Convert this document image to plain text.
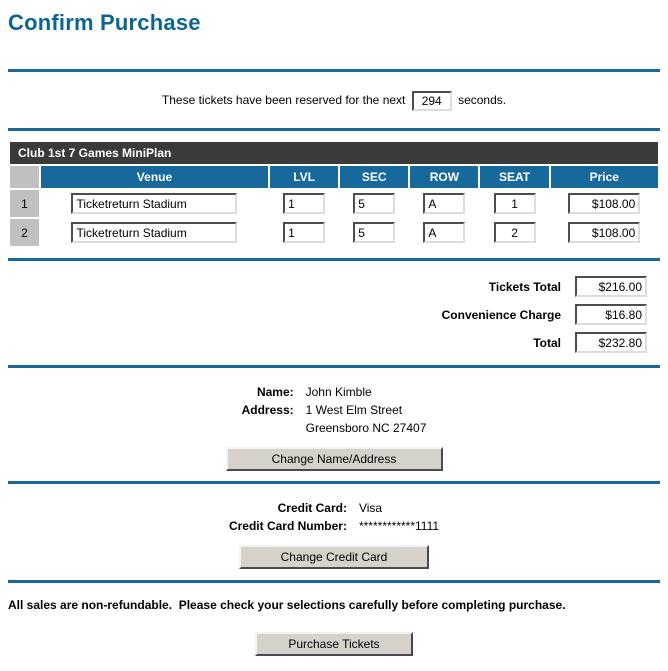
Confirm Purchase
These tickets have been reserved for the next 294	seconds.
Club 1st 7 Games MiniPlan						
	Venue	LVL	SEC	ROW	SEAT	Price
1	Ticketreturn Stadium	1	5	A	1	$108.00
2	Ticketreturn Stadium	1	5	A	2	$108.00
Tickets Total
$216.00
Convenience Charge
$16.80
Total
$232.80
Name:	John Kimble
Address:	1 West Elm Street
	Greensboro NC 27407
Change Name/Address
Credit Card:	Visa
Credit Card Number:	************1111
Change Credit Card
All sales are non-refundable.  Please check your selections carefully before completing purchase.
Purchase Tickets
